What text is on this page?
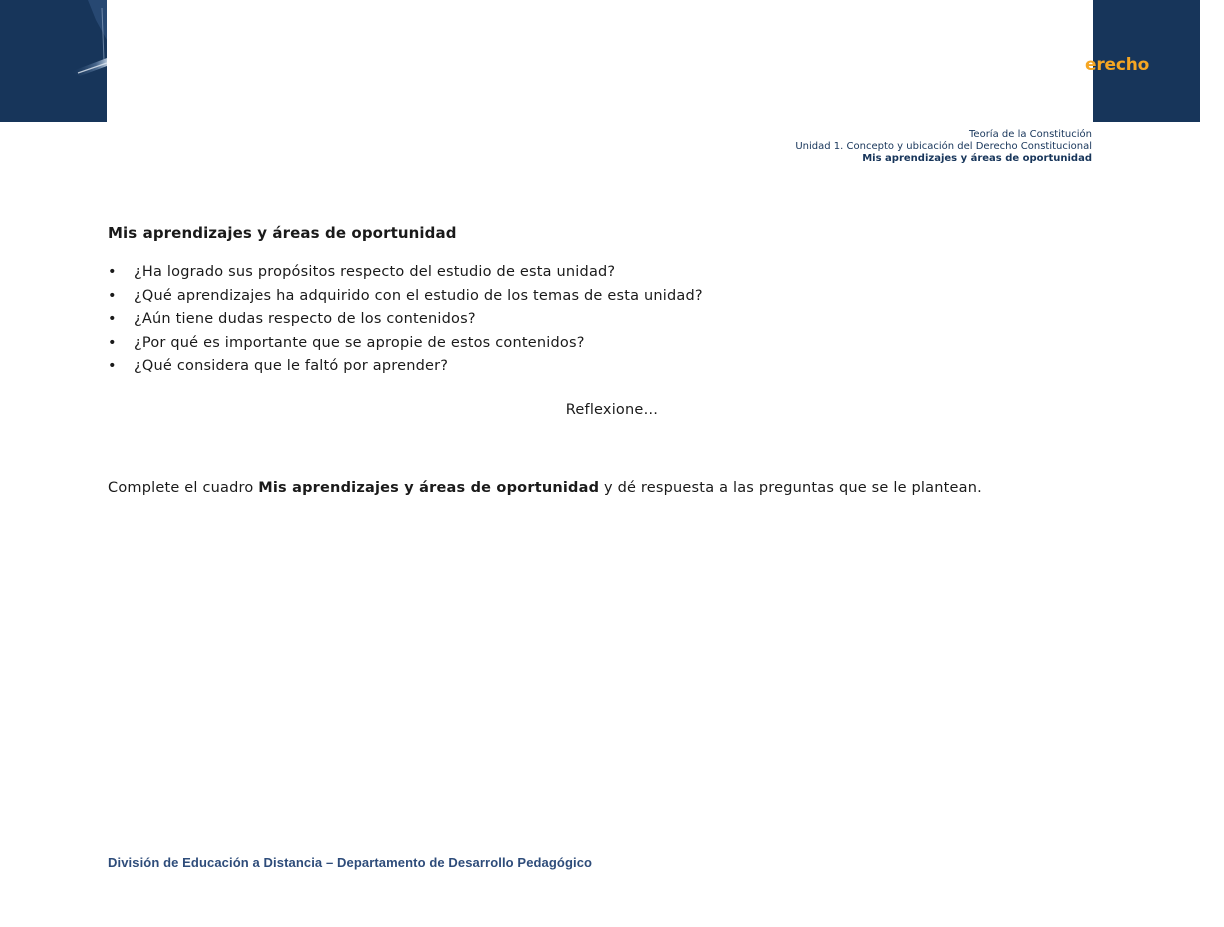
erecho
Teoría de la Constitución
Unidad 1. Concepto y ubicación del Derecho Constitucional
Mis aprendizajes y áreas de oportunidad
Mis aprendizajes y áreas de oportunidad
• ¿Ha logrado sus propósitos respecto del estudio de esta unidad?
• ¿Qué aprendizajes ha adquirido con el estudio de los temas de esta unidad?
• ¿Aún tiene dudas respecto de los contenidos?
• ¿Por qué es importante que se apropie de estos contenidos?
• ¿Qué considera que le faltó por aprender?
Reflexione…

Complete el cuadro Mis aprendizajes y áreas de oportunidad y dé respuesta a las preguntas que se le plantean.

División de Educación a Distancia – Departamento de Desarrollo Pedagógico
